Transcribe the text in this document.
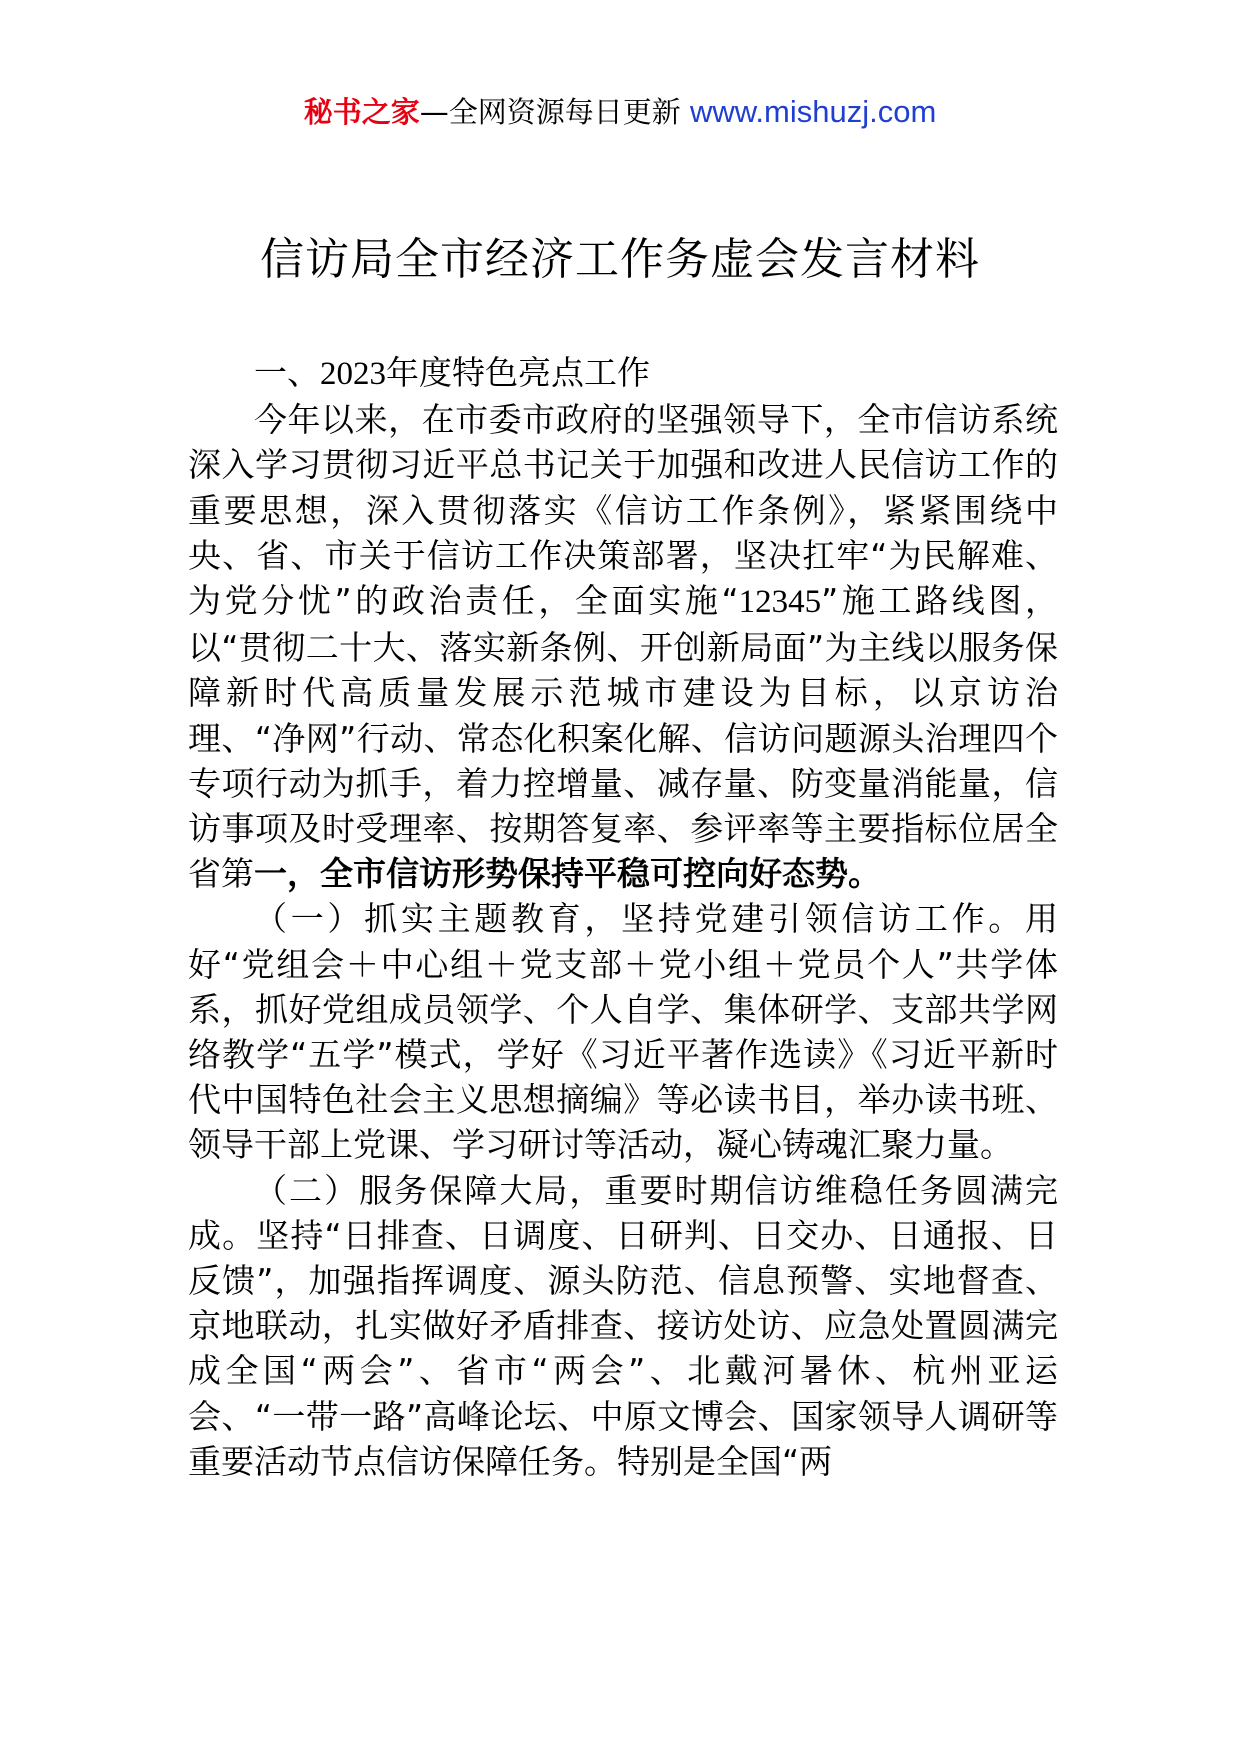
秘书之家—全网资源每日更新 www.mishuzj.com
信访局全市经济工作务虚会发言材料

一、2023年度特色亮点工作

今年以来，在市委市政府的坚强领导下，全市信访系统深入学习贯彻习近平总书记关于加强和改进人民信访工作的重要思想，深入贯彻落实《信访工作条例》，紧紧围绕中央、省、市关于信访工作决策部署，坚决扛牢“为民解难、为党分忧”的政治责任，全面实施“12345”施工路线图，以“贯彻二十大、落实新条例、开创新局面”为主线以服务保障新时代高质量发展示范城市建设为目标，以京访治理、“净网”行动、常态化积案化解、信访问题源头治理四个专项行动为抓手，着力控增量、减存量、防变量消能量，信访事项及时受理率、按期答复率、参评率等主要指标位居全省第一，全市信访形势保持平稳可控向好态势。

（一）抓实主题教育，坚持党建引领信访工作。用好“党组会＋中心组＋党支部＋党小组＋党员个人”共学体系，抓好党组成员领学、个人自学、集体研学、支部共学网络教学“五学”模式，学好《习近平著作选读》《习近平新时代中国特色社会主义思想摘编》等必读书目，举办读书班、领导干部上党课、学习研讨等活动，凝心铸魂汇聚力量。

（二）服务保障大局，重要时期信访维稳任务圆满完成。坚持“日排查、日调度、日研判、日交办、日通报、日反馈”，加强指挥调度、源头防范、信息预警、实地督查、京地联动，扎实做好矛盾排查、接访处访、应急处置圆满完成全国“两会”、省市“两会”、北戴河暑休、杭州亚运会、“一带一路”高峰论坛、中原文博会、国家领导人调研等重要活动节点信访保障任务。特别是全国“两
